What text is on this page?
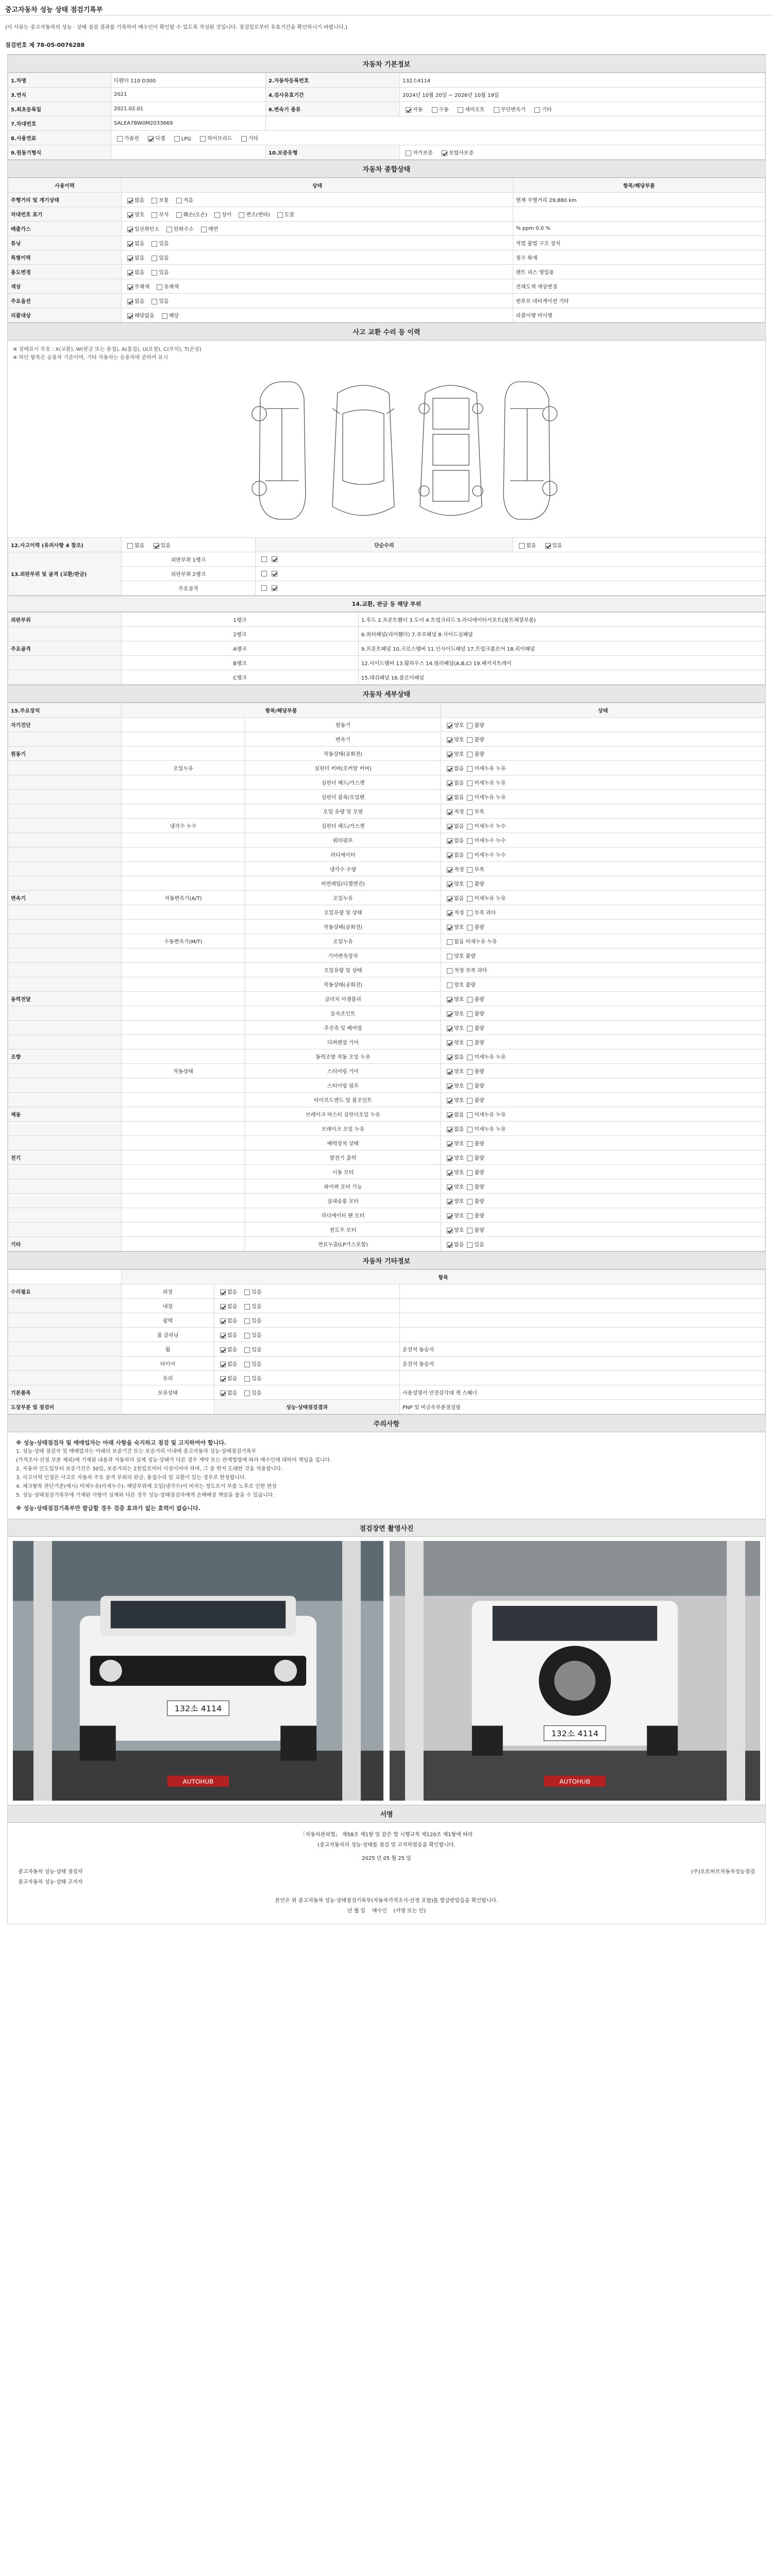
중고자동차 성능 상태 점검기록부
(이 서류는 중고자동차의 성능 · 상태 점검 결과를 기록하여 매수인이 확인할 수 있도록 작성된 것입니다. 점검일로부터 유효기간을 확인하시기 바랍니다.)
점검번호 제 78-05-0076288
자동차 기본정보
1.차명	디펜더 110 D300	2.자동차등록번호	132소4114
3.연식	2021	4.검사유효기간	2024년 10월 20일 ~ 2026년 10월 19일
5.최초등록일	2021.02.01	6.변속기 종류	자동 수동 세미오토 무단변속기 기타
7.차대번호	SALEA7BW0M2033669		
8.사용연료	가솔린 디젤 LPG 하이브리드 기타		
9.원동기형식		10.보증유형	자가보증 보험사보증
자동차 종합상태
사용이력	상태	항목/해당부품
주행거리 및 계기상태	많음 보통 적음	현재 주행거리 29,880 km
차대번호 표기	양호 부식 훼손(오손) 상이 변조(변타) 도말	
배출가스	일산화탄소 탄화수소 매연	% ppm 0.0 %
튜닝	없음 있음	적법 불법 구조 장치
특별이력	없음 있음	침수 화재
용도변경	없음 있음	렌트 리스 영업용
색상	무채색 유채색	전체도색 색상변경
주요옵션	없음 있음	썬루프 네비게이션 기타
리콜대상	해당없음 해당	리콜이행 미이행
사고 교환 수리 등 이력
※ 상태표시 부호 : X(교환), W(판금 또는 용접), A(흠집), U(요철), C(부식), T(손상)
※ 하단 항목은 승용차 기준이며, 기타 자동차는 승용차에 준하여 표시
12.사고이력 (유의사항 4 참조)	없음 있음	단순수리	없음 있음
13.외판부위 및 골격 (교환/판금)	외판부위 1랭크		
	외판부위 2랭크		
	주요골격		
14.교환, 판금 등 해당 부위
외판부위	1랭크	1.후드 2.프론트휀더 3.도어 4.트렁크리드 5.라디에이터서포트(볼트체결부품)
	2랭크	6.쿼터패널(리어휀더) 7.루프패널 8.사이드실패널
주요골격	A랭크	9.프론트패널 10.크로스멤버 11.인사이드패널 17.트렁크플로어 18.리어패널
	B랭크	12.사이드멤버 13.휠하우스 14.필러패널(A,B,C) 19.패키지트레이
	C랭크	15.대쉬패널 16.플로어패널
자동차 세부상태
15.주요장치	항목/해당부품		상태
자기진단		원동기	양호 불량
		변속기	양호 불량
원동기		작동상태(공회전)	양호 불량
	오일누유	실린더 커버(로커암 커버)	없음 미세누유 누유
		실린더 헤드/가스켓	없음 미세누유 누유
		실린더 블록/오일팬	없음 미세누유 누유
		오일 유량 및 오염	적정 부족
	냉각수 누수	실린더 헤드/가스켓	없음 미세누수 누수
		워터펌프	없음 미세누수 누수
		라디에이터	없음 미세누수 누수
		냉각수 수량	적정 부족
		커먼레일(디젤엔진)	양호 불량
변속기	자동변속기(A/T)	오일누유	없음 미세누유 누유
		오일유량 및 상태	적정 부족 과다
		작동상태(공회전)	양호 불량
	수동변속기(M/T)	오일누유	없음 미세누유 누유
		기어변속장치	양호 불량
		오일유량 및 상태	적정 부족 과다
		작동상태(공회전)	양호 불량
동력전달		클러치 어셈블리	양호 불량
		등속조인트	양호 불량
		추진축 및 베어링	양호 불량
		디퍼렌셜 기어	양호 불량
조향		동력조향 작동 오일 누유	없음 미세누유 누유
	작동상태	스티어링 기어	양호 불량
		스티어링 펌프	양호 불량
		타이로드엔드 및 볼조인트	양호 불량
제동		브레이크 마스터 실린더오일 누유	없음 미세누유 누유
		브레이크 오일 누유	없음 미세누유 누유
		배력장치 상태	양호 불량
전기		발전기 출력	양호 불량
		시동 모터	양호 불량
		와이퍼 모터 기능	양호 불량
		실내송풍 모터	양호 불량
		라디에이터 팬 모터	양호 불량
		윈도우 모터	양호 불량
기타		연료누출(LP가스포함)	없음 있음
자동차 기타정보
	항목		
수리필요	외장	없음 있음	
	내장	없음 있음	
	광택	없음 있음	
	룸 클리닝	없음 있음	
	휠	없음 있음	운전석 동승석
	타이어	없음 있음	운전석 동승석
	유리	없음 있음	
기본품목	보유상태	없음 있음	사용설명서 안전삼각대 잭 스패너
도장부분 및 점검비		성능·상태점검결과	PNP 및 비금속부분점검필
주의사항
※ 성능·상태점검자 및 매매업자는 아래 사항을 숙지하고 점검 및 고지하여야 합니다.
1. 성능·상태 점검자 및 매매업자는 아래의 보증기간 또는 보증거리 이내에 중고자동차 성능·상태점검기록부
(가격조사·산정 부분 제외)에 기재된 내용과 자동차의 실제 성능·상태가 다른 경우 계약 또는 관계법령에 따라 매수인에 대하여 책임을 집니다.
2. 자동차 인도일부터 보증기간은 30일, 보증거리는 2천킬로미터 이상이어야 하며, 그 중 먼저 도래한 것을 적용합니다.
3. 사고이력 인정은 사고로 자동차 주요 골격 부위의 판금, 용접수리 및 교환이 있는 경우로 한정합니다.
4. 체크항목 판단기준(예시) 미세누유(미세누수): 해당부위에 오일(냉각수)이 비치는 정도로서 부품 노후로 인한 현상
5. 성능·상태점검기록부에 기재된 사항이 실제와 다른 경우 성능·상태점검자에게 손해배상 책임을 물을 수 있습니다.
※ 성능·상태점검기록부만 발급할 경우 검증 효과가 없는 효력이 없습니다.
점검장면 촬영사진
132소 4114
AUTOHUB
132소 4114
AUTOHUB
서명
「자동차관리법」 제58조 제1항 및 같은 법 시행규칙 제120조 제1항에 따라
(중고자동차의 성능·상태를 점검 및 고지하였음을 확인합니다.
2025 년 05 월 25 일
중고자동차 성능·상태 점검자	(주)오토허브자동차성능점검
중고자동차 성능·상태 고지자
본인은 위 중고자동차 성능·상태점검기록부(자동차가격조사·산정 포함)를 발급받았음을 확인합니다.
년 월 일 매수인 (서명 또는 인)
